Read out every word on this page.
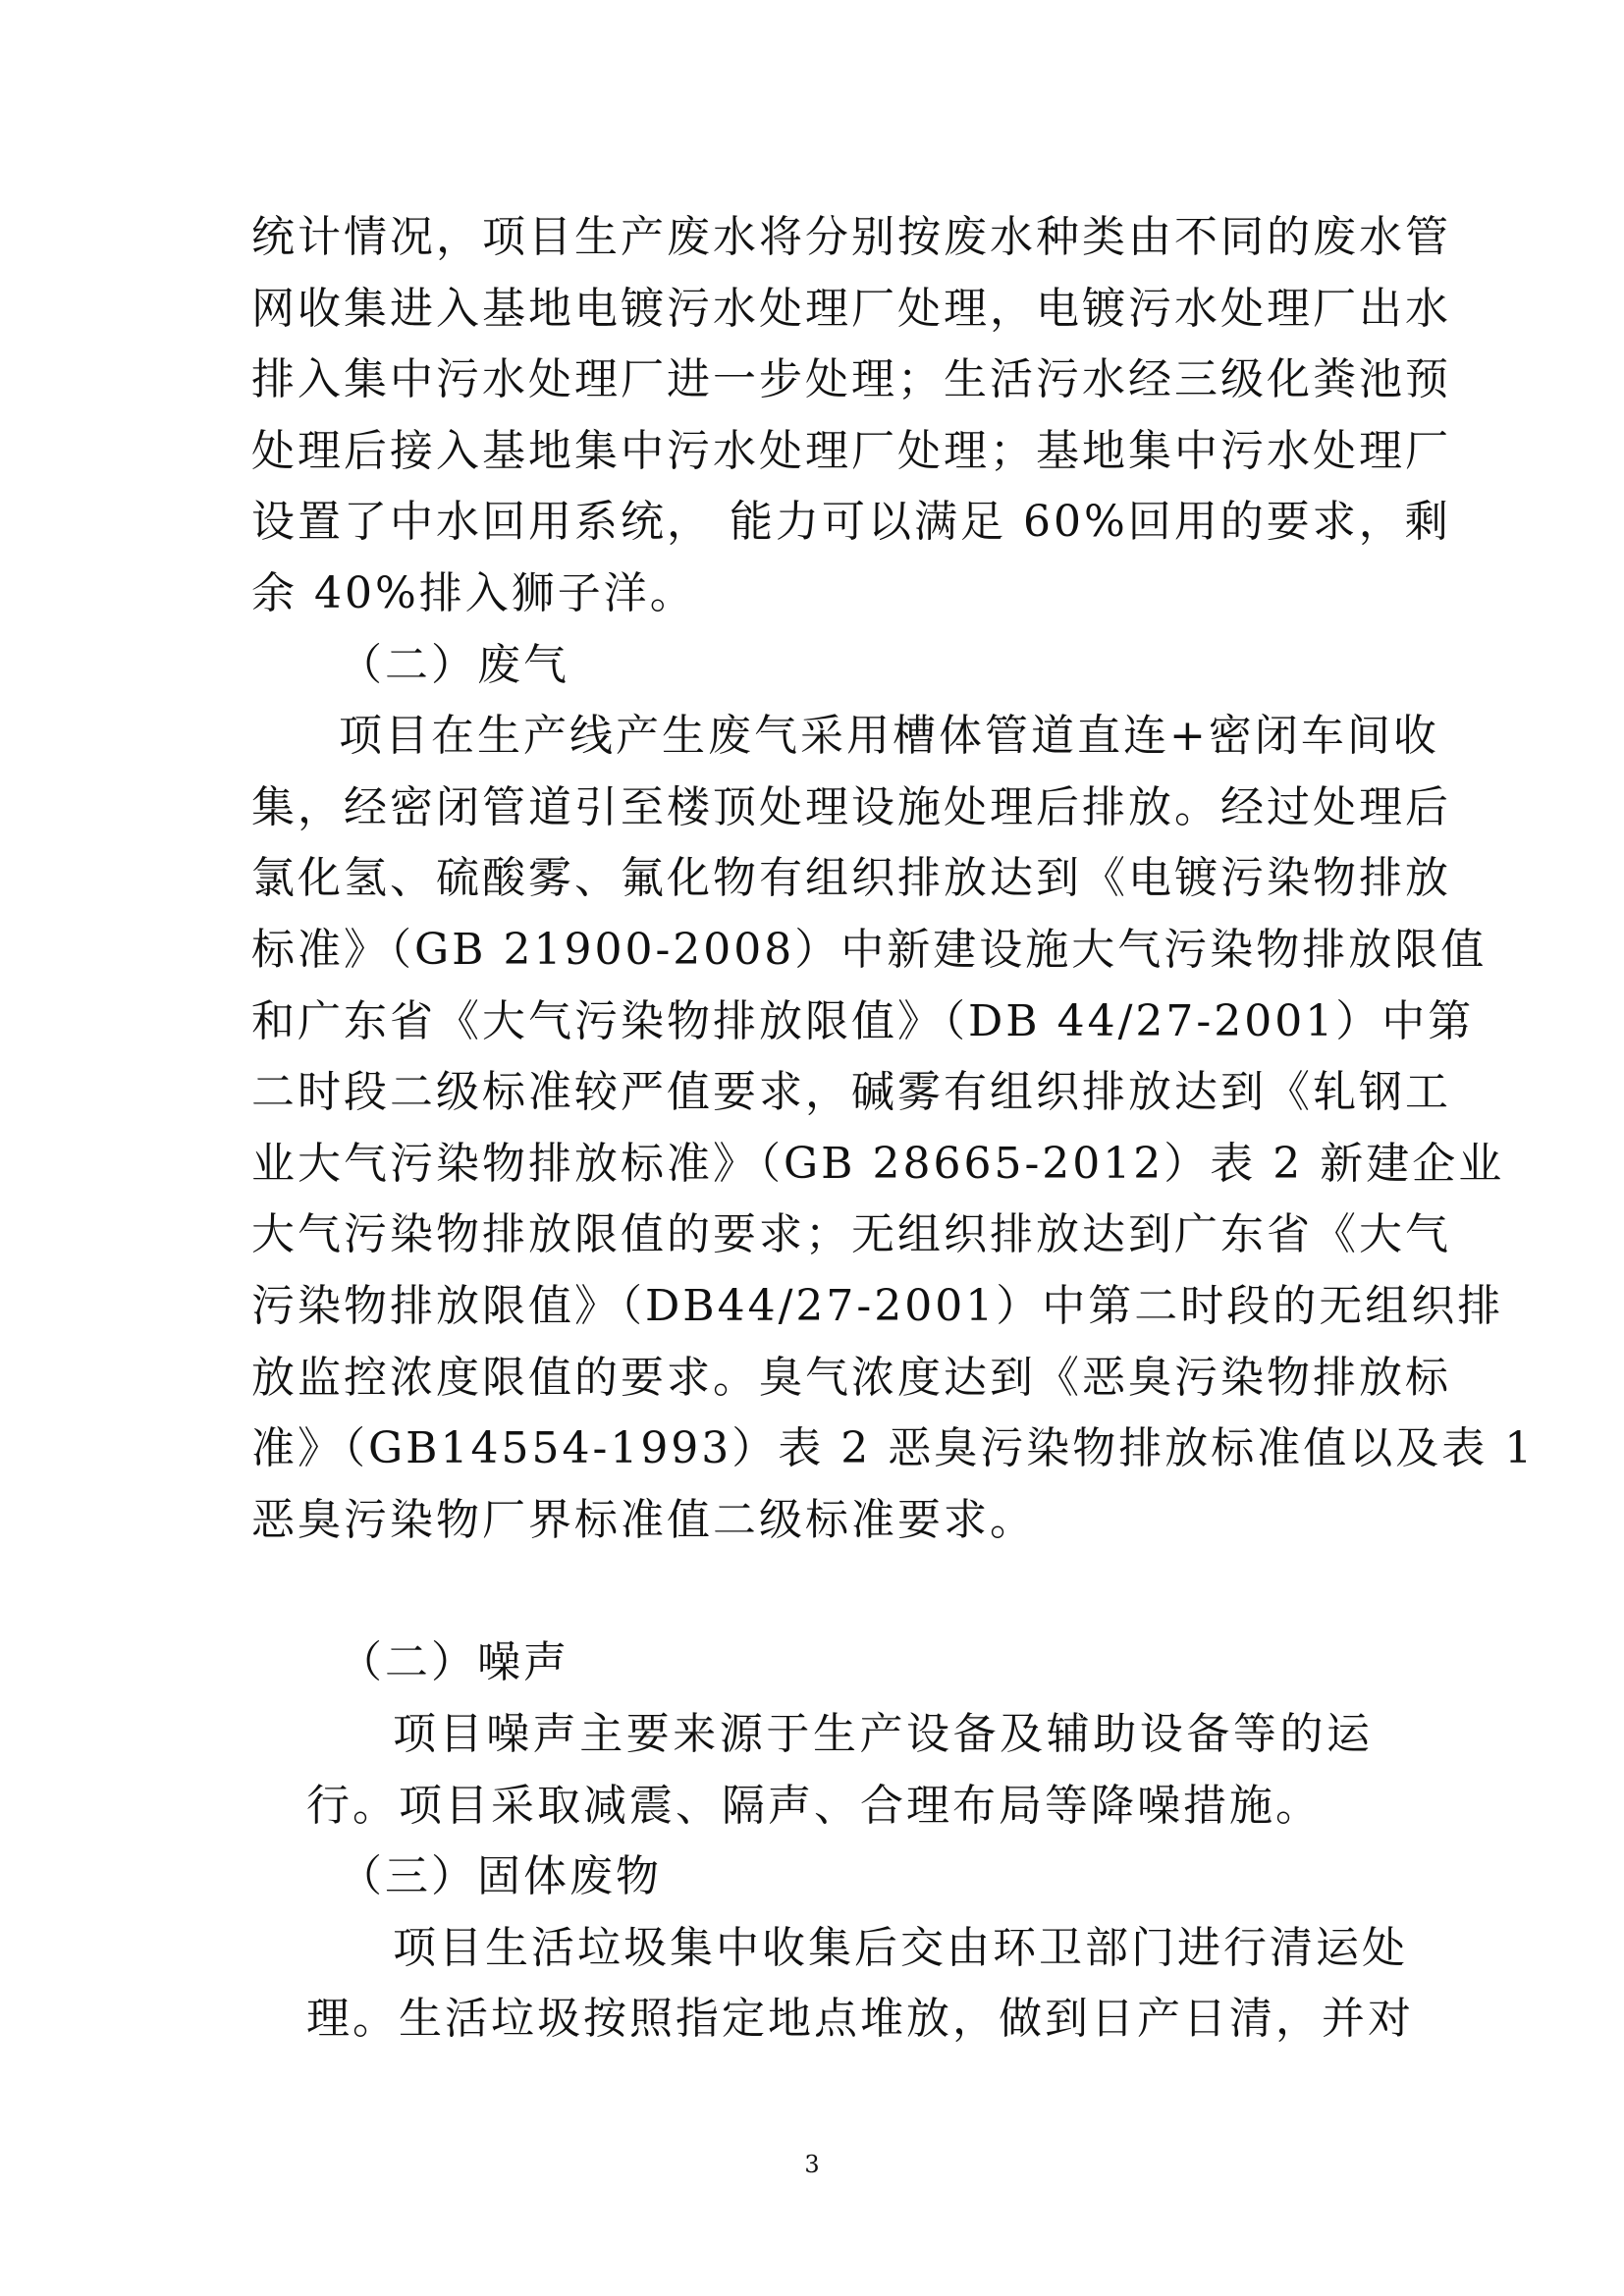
统计情况，项目生产废水将分别按废水种类由不同的废水管
网收集进入基地电镀污水处理厂处理，电镀污水处理厂出水
排入集中污水处理厂进一步处理；生活污水经三级化粪池预
处理后接入基地集中污水处理厂处理；基地集中污水处理厂
设置了中水回用系统， 能力可以满足 60%回用的要求，剩
余 40%排入狮子洋。
（二）废气
项目在生产线产生废气采用槽体管道直连+密闭车间收
集，经密闭管道引至楼顶处理设施处理后排放。经过处理后
氯化氢、硫酸雾、氟化物有组织排放达到《电镀污染物排放
标准》（GB 21900-2008）中新建设施大气污染物排放限值
和广东省《大气污染物排放限值》（DB 44/27-2001）中第
二时段二级标准较严值要求，碱雾有组织排放达到《轧钢工
业大气污染物排放标准》（GB 28665-2012）表 2 新建企业
大气污染物排放限值的要求；无组织排放达到广东省《大气
污染物排放限值》（DB44/27-2001）中第二时段的无组织排
放监控浓度限值的要求。臭气浓度达到《恶臭污染物排放标
准》（GB14554-1993）表 2 恶臭污染物排放标准值以及表 1
恶臭污染物厂界标准值二级标准要求。
（二）噪声
项目噪声主要来源于生产设备及辅助设备等的运
行。项目采取减震、隔声、合理布局等降噪措施。
（三）固体废物
项目生活垃圾集中收集后交由环卫部门进行清运处
理。生活垃圾按照指定地点堆放，做到日产日清，并对
3
